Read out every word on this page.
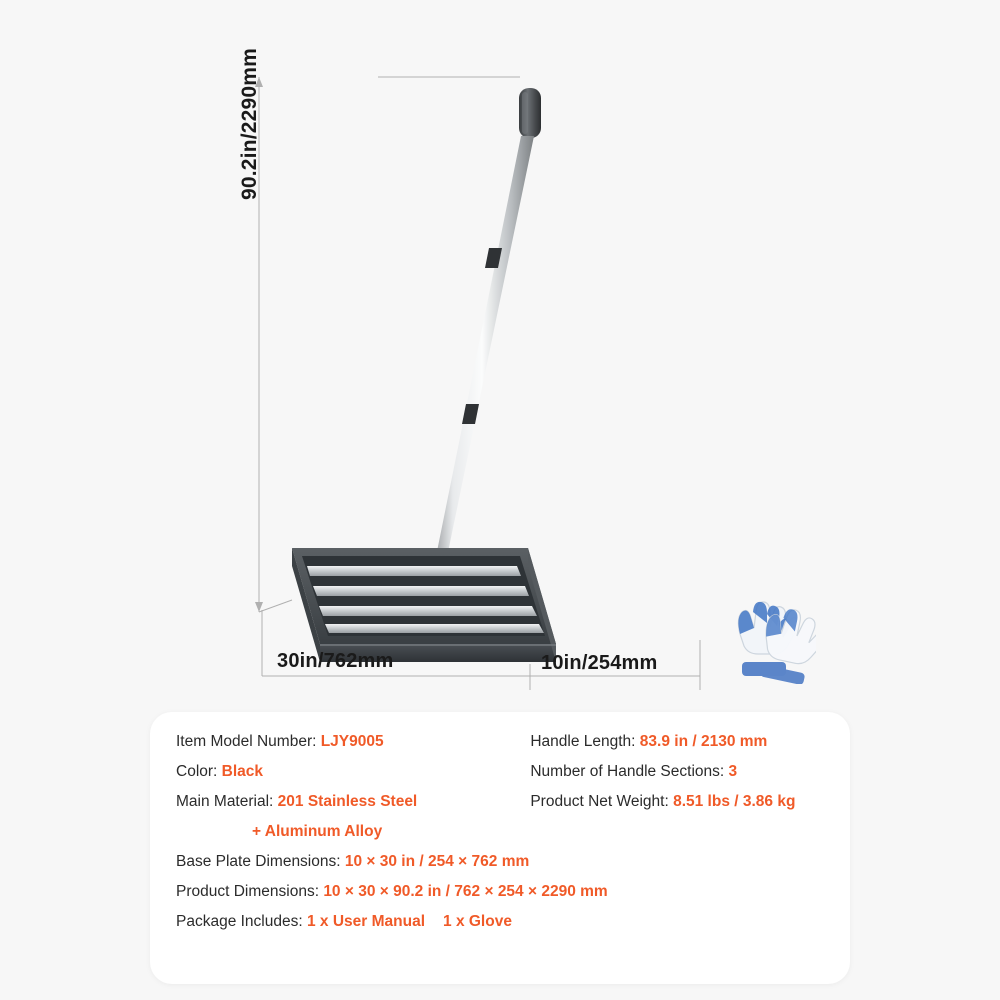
90.2in/2290mm
30in/762mm	10in/254mm
Item Model Number: LJY9005
Color: Black
Main Material: 201 Stainless Steel
+ Aluminum Alloy
Handle Length: 83.9 in / 2130 mm
Number of Handle Sections: 3
Product Net Weight: 8.51 lbs / 3.86 kg
Base Plate Dimensions: 10 × 30 in / 254 × 762 mm
Product Dimensions: 10 × 30 × 90.2 in / 762 × 254 × 2290 mm
Package Includes: 1 x User Manual 1 x Glove
